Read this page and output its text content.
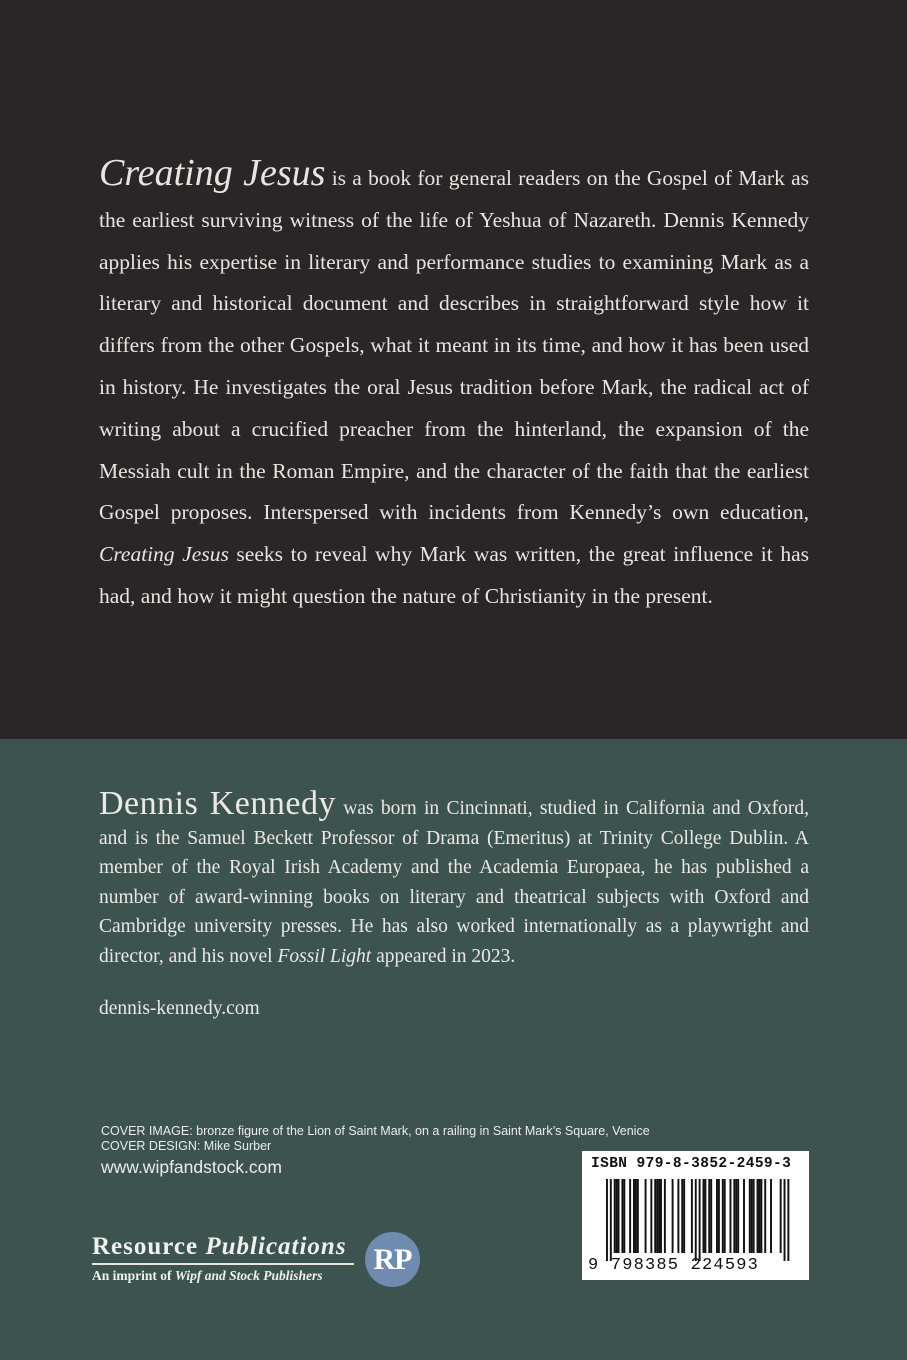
Creating Jesus is a book for general readers on the Gospel of Mark as the earliest surviving witness of the life of Yeshua of Nazareth. Dennis Kennedy applies his expertise in literary and performance studies to examining Mark as a literary and historical document and describes in straightforward style how it differs from the other Gospels, what it meant in its time, and how it has been used in history. He investigates the oral Jesus tradition before Mark, the radical act of writing about a crucified preacher from the hinterland, the expansion of the Messiah cult in the Roman Empire, and the character of the faith that the earliest Gospel proposes. Interspersed with incidents from Kennedy’s own education, Creating Jesus seeks to reveal why Mark was written, the great influence it has had, and how it might question the nature of Christianity in the present.
Dennis Kennedy was born in Cincinnati, studied in California and Oxford, and is the Samuel Beckett Professor of Drama (Emeritus) at Trinity College Dublin. A member of the Royal Irish Academy and the Academia Europaea, he has published a number of award-winning books on literary and theatrical subjects with Oxford and Cambridge university presses. He has also worked internationally as a playwright and director, and his novel Fossil Light appeared in 2023.
dennis-kennedy.com
COVER IMAGE: bronze figure of the Lion of Saint Mark, on a railing in Saint Mark’s Square, Venice
COVER DESIGN: Mike Surber
www.wipfandstock.com
Resource Publications
An imprint of Wipf and Stock Publishers	RP
ISBN 979-8-3852-2459-3
9 798385 224593
